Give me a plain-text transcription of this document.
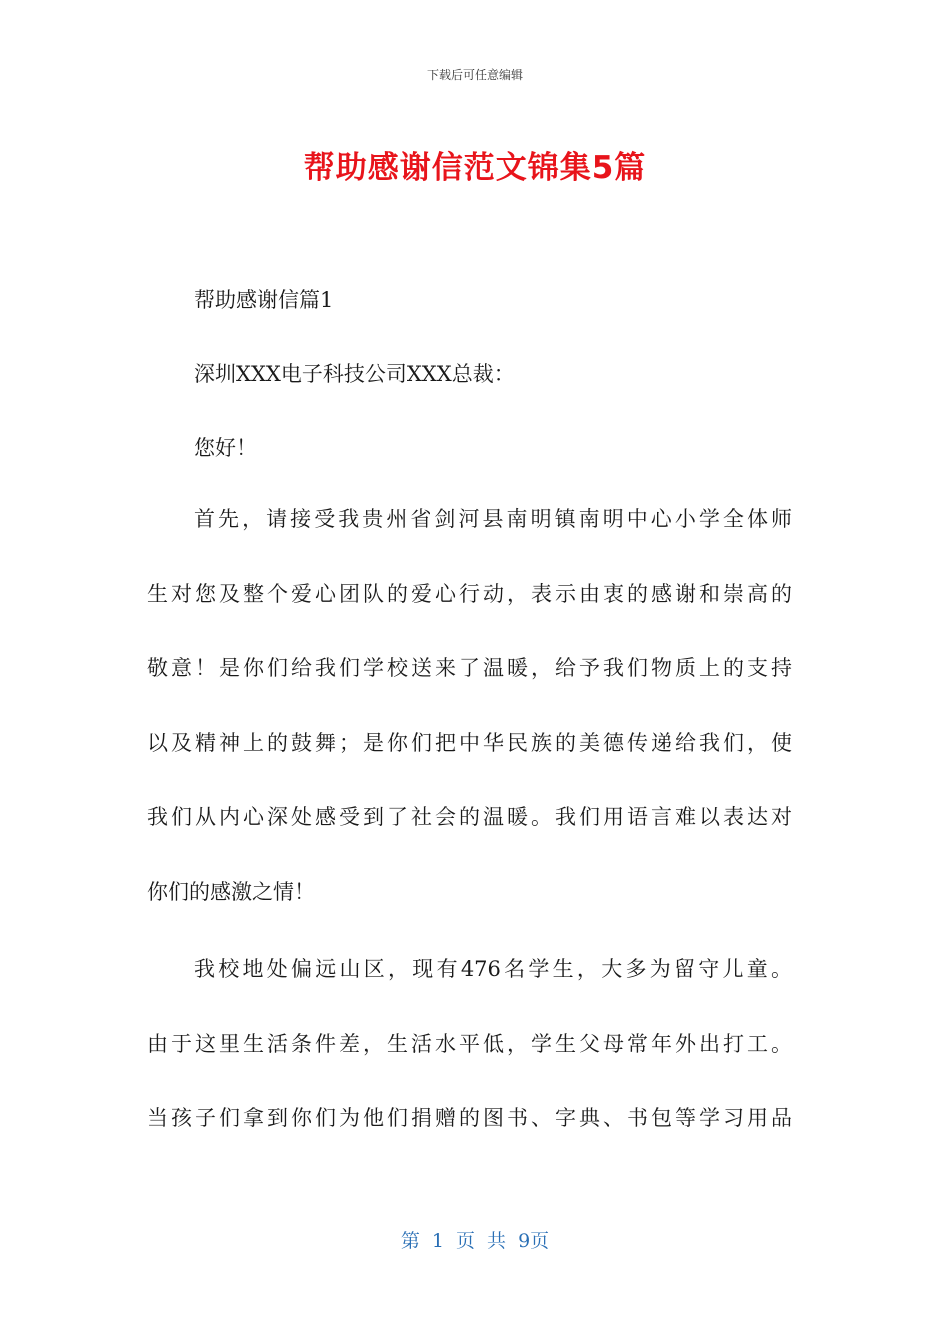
下载后可任意编辑
帮助感谢信范文锦集5篇
帮助感谢信篇1
深圳XXX电子科技公司XXX总裁：
您好！
首先，请接受我贵州省剑河县南明镇南明中心小学全体师
生对您及整个爱心团队的爱心行动，表示由衷的感谢和崇高的
敬意！是你们给我们学校送来了温暖，给予我们物质上的支持
以及精神上的鼓舞；是你们把中华民族的美德传递给我们，使
我们从内心深处感受到了社会的温暖。我们用语言难以表达对
你们的感激之情！
我校地处偏远山区，现有476名学生，大多为留守儿童。
由于这里生活条件差，生活水平低，学生父母常年外出打工。
当孩子们拿到你们为他们捐赠的图书、字典、书包等学习用品
第 1 页 共 9页
